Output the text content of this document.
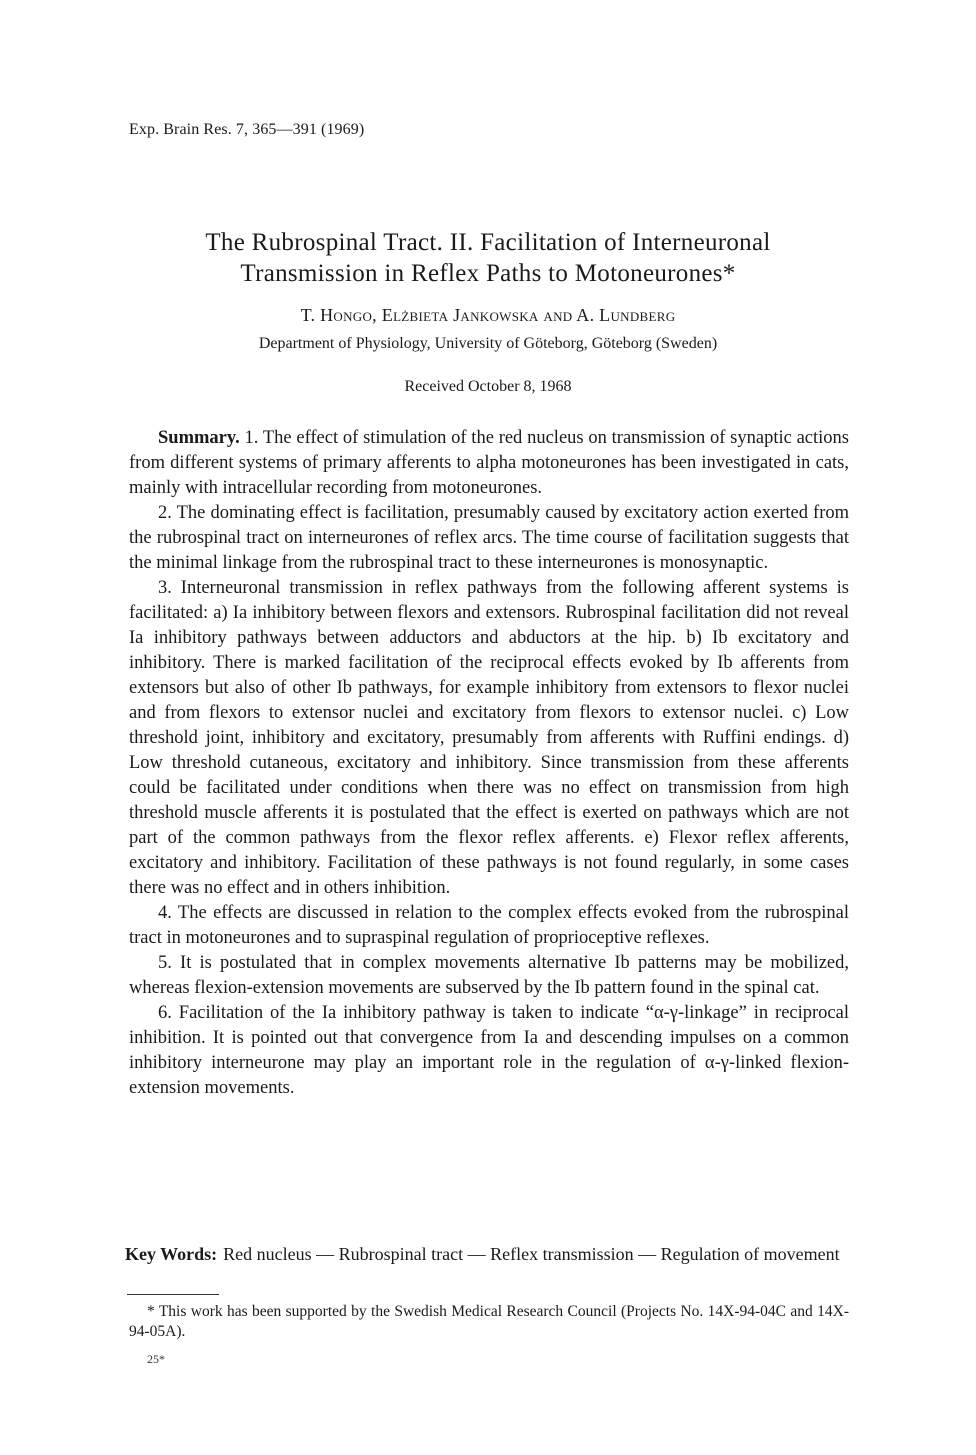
Exp. Brain Res. 7, 365—391 (1969)
The Rubrospinal Tract. II. Facilitation of Interneuronal
Transmission in Reflex Paths to Motoneurones*
T. Hongo, Elżbieta Jankowska and A. Lundberg
Department of Physiology, University of Göteborg, Göteborg (Sweden)
Received October 8, 1968

Summary. 1. The effect of stimulation of the red nucleus on transmission of synaptic actions from different systems of primary afferents to alpha motoneurones has been investigated in cats, mainly with intracellular recording from motoneurones.

2. The dominating effect is facilitation, presumably caused by excitatory action exerted from the rubrospinal tract on interneurones of reflex arcs. The time course of facilitation suggests that the minimal linkage from the rubrospinal tract to these interneurones is monosynaptic.

3. Interneuronal transmission in reflex pathways from the following afferent systems is facilitated: a) Ia inhibitory between flexors and extensors. Rubrospinal facilitation did not reveal Ia inhibitory pathways between adductors and abductors at the hip. b) Ib excitatory and inhibitory. There is marked facilitation of the reciprocal effects evoked by Ib afferents from extensors but also of other Ib pathways, for example inhibitory from extensors to flexor nuclei and from flexors to extensor nuclei and excitatory from flexors to extensor nuclei. c) Low threshold joint, inhibitory and excitatory, presumably from afferents with Ruffini endings. d) Low threshold cutaneous, excitatory and inhibitory. Since transmission from these afferents could be facilitated under conditions when there was no effect on transmission from high threshold muscle afferents it is postulated that the effect is exerted on pathways which are not part of the common pathways from the flexor reflex afferents. e) Flexor reflex afferents, excitatory and inhibitory. Facilitation of these pathways is not found regularly, in some cases there was no effect and in others inhibition.

4. The effects are discussed in relation to the complex effects evoked from the rubrospinal tract in motoneurones and to supraspinal regulation of proprioceptive reflexes.

5. It is postulated that in complex movements alternative Ib patterns may be mobilized, whereas flexion-extension movements are subserved by the Ib pattern found in the spinal cat.

6. Facilitation of the Ia inhibitory pathway is taken to indicate “α-γ-linkage” in reciprocal inhibition. It is pointed out that convergence from Ia and descending impulses on a common inhibitory interneurone may play an important role in the regulation of α-γ-linked flexion-extension movements.

Key Words: Red nucleus — Rubrospinal tract — Reflex transmission — Regulation of movement

* This work has been supported by the Swedish Medical Research Council (Projects No. 14X-94-04C and 14X-94-05A).

25*
